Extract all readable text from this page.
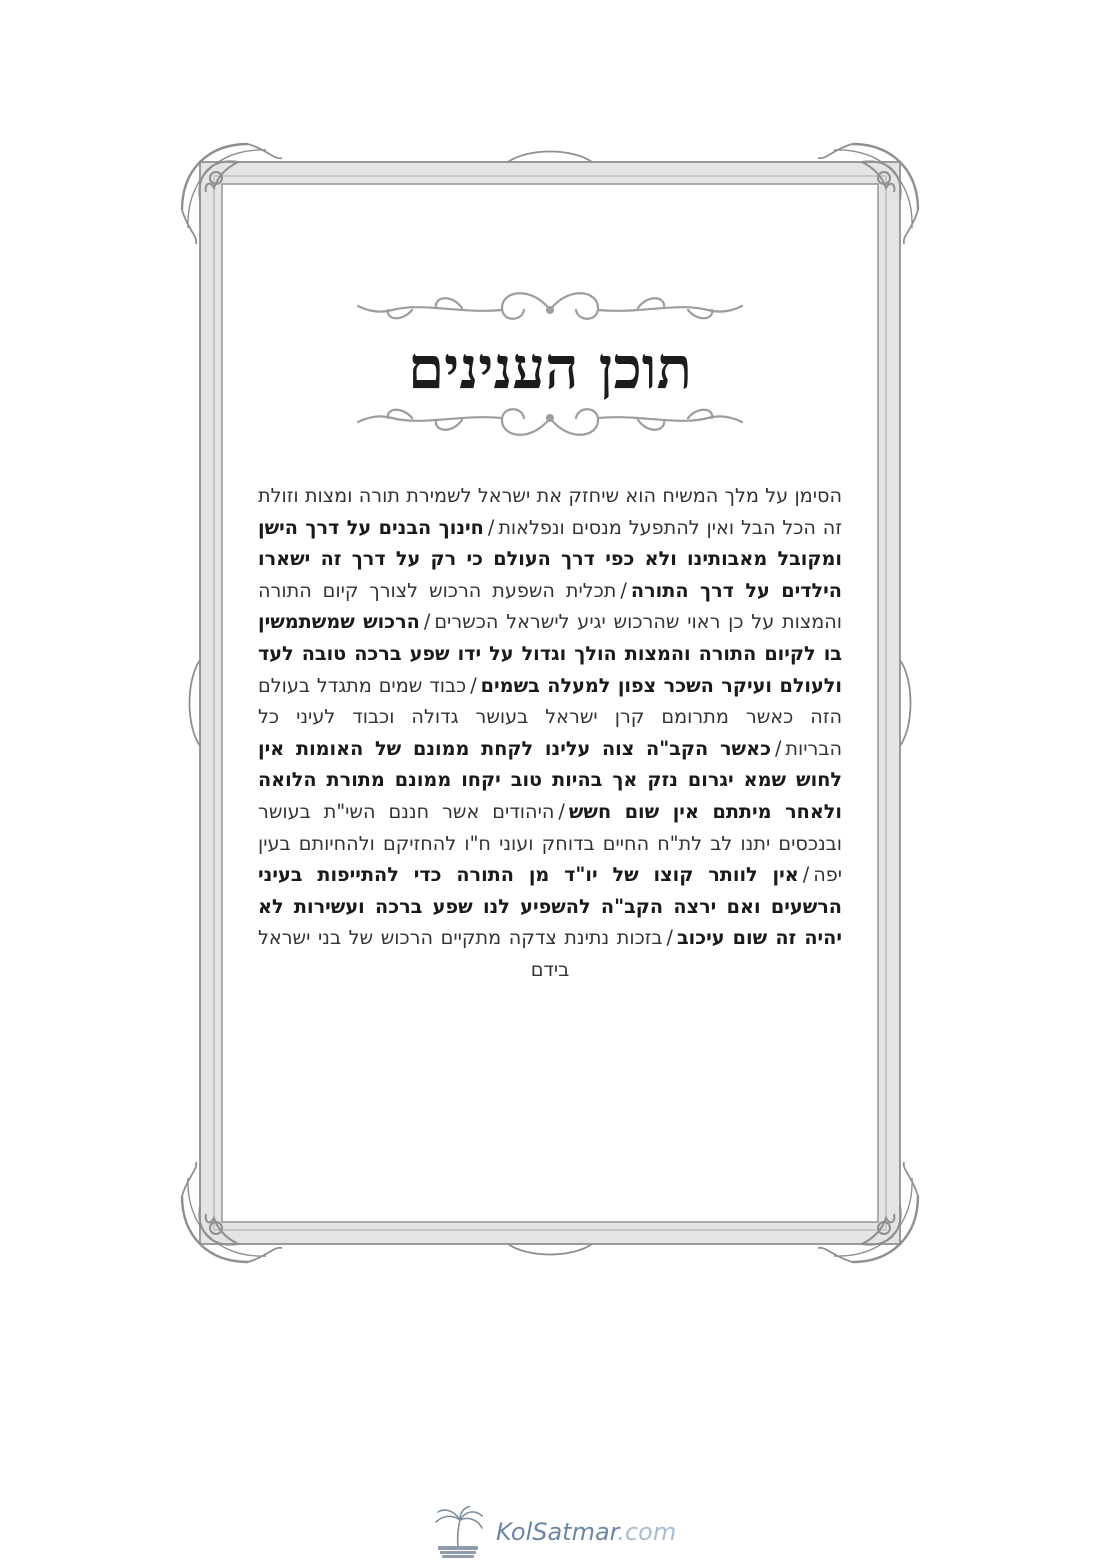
תוכן הענינים
הסימן על מלך המשיח הוא שיחזק את ישראל לשמירת תורה ומצות וזולת זה הכל הבל ואין להתפעל מנסים ונפלאות/חינוך הבנים על דרך הישן ומקובל מאבותינו ולא כפי דרך העולם כי רק על דרך זה ישארו הילדים על דרך התורה/תכלית השפעת הרכוש לצורך קיום התורה והמצות על כן ראוי שהרכוש יגיע לישראל הכשרים/הרכוש שמשתמשין בו לקיום התורה והמצות הולך וגדול על ידו שפע ברכה טובה לעד ולעולם ועיקר השכר צפון למעלה בשמים/כבוד שמים מתגדל בעולם הזה כאשר מתרומם קרן ישראל בעושר גדולה וכבוד לעיני כל הבריות/כאשר הקב"ה צוה עלינו לקחת ממונם של האומות אין לחוש שמא יגרום נזק אך בהיות טוב יקחו ממונם מתורת הלואה ולאחר מיתתם אין שום חשש/היהודים אשר חננם השי"ת בעושר ובנכסים יתנו לב לת"ח החיים בדוחק ועוני ח"ו להחזיקם ולהחיותם בעין יפה/אין לוותר קוצו של יו"ד מן התורה כדי להתייפות בעיני הרשעים ואם ירצה הקב"ה להשפיע לנו שפע ברכה ועשירות לא יהיה זה שום עיכוב/בזכות נתינת צדקה מתקיים הרכוש של בני ישראל בידם
KolSatmar.com
